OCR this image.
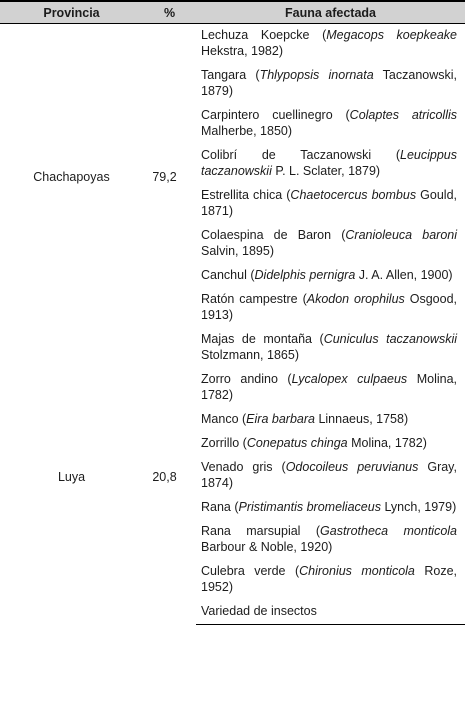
Provincia	%	Fauna afectada
Chachapoyas	79,2	Lechuza Koepcke (Megacops koepkeake Hekstra, 1982)
		Tangara (Thlypopsis inornata Taczanowski, 1879)
		Carpintero cuellinegro (Colaptes atricollis Malherbe, 1850)
		Colibrí de Taczanowski (Leucippus taczanowskii P. L. Sclater, 1879)
		Estrellita chica (Chaetocercus bombus Gould, 1871)
		Colaespina de Baron (Cranioleuca baroni Salvin, 1895)
		Canchul (Didelphis pernigra J. A. Allen, 1900)
		Ratón campestre (Akodon orophilus Osgood, 1913)
Luya	20,8	Majas de montaña (Cuniculus taczanowskii Stolzmann, 1865)
		Zorro andino (Lycalopex culpaeus Molina, 1782)
		Manco (Eira barbara Linnaeus, 1758)
		Zorrillo (Conepatus chinga Molina, 1782)
		Venado gris (Odocoileus peruvianus Gray, 1874)
		Rana (Pristimantis bromeliaceus Lynch, 1979)
		Rana marsupial (Gastrotheca monticola Barbour & Noble, 1920)
		Culebra verde (Chironius monticola Roze, 1952)
		Variedad de insectos
